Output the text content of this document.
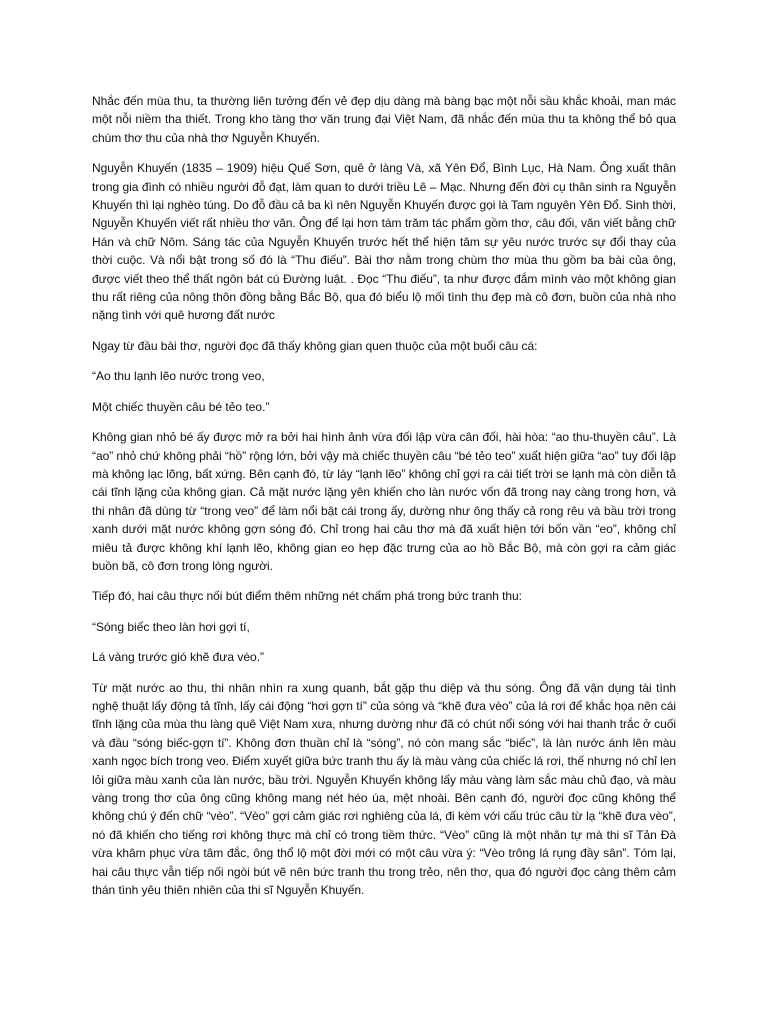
Nhắc đến mùa thu, ta thường liên tưởng đến vẻ đẹp dịu dàng mà bàng bạc một nỗi sầu khắc khoải, man mác một nỗi niềm tha thiết. Trong kho tàng thơ văn trung đại Việt Nam, đã nhắc đến mùa thu ta không thể bỏ qua chùm thơ thu của nhà thơ Nguyễn Khuyến.

Nguyễn Khuyến (1835 – 1909) hiệu Quế Sơn, quê ở làng Và, xã Yên Đổ, Bình Lục, Hà Nam. Ông xuất thân trong gia đình có nhiều người đỗ đạt, làm quan to dưới triều Lê – Mạc. Nhưng đến đời cụ thân sinh ra Nguyễn Khuyến thì lại nghèo túng. Do đỗ đầu cả ba kì nên Nguyễn Khuyến được gọi là Tam nguyên Yên Đổ. Sinh thời, Nguyễn Khuyến viết rất nhiều thơ văn. Ông để lại hơn tám trăm tác phẩm gồm thơ, câu đối, văn viết bằng chữ Hán và chữ Nôm. Sáng tác của Nguyễn Khuyến trước hết thể hiện tâm sự yêu nước trước sự đổi thay của thời cuộc. Và nổi bật trong số đó là “Thu điếu”. Bài thơ nằm trong chùm thơ mùa thu gồm ba bài của ông, được viết theo thể thất ngôn bát cú Đường luật. . Đọc “Thu điếu”, ta như được đắm mình vào một không gian thu rất riêng của nông thôn đồng bằng Bắc Bộ, qua đó biểu lộ mối tình thu đẹp mà cô đơn, buồn của nhà nho nặng tình với quê hương đất nước

Ngay từ đầu bài thơ, người đọc đã thấy không gian quen thuộc của một buổi câu cá:

“Ao thu lạnh lẽo nước trong veo,

Một chiếc thuyền câu bé tẻo teo.”

Không gian nhỏ bé ấy được mở ra bởi hai hình ảnh vừa đối lập vừa cân đối, hài hòa: “ao thu-thuyền câu”. Là “ao” nhỏ chứ không phải “hồ” rộng lớn, bởi vậy mà chiếc thuyền câu “bé tẻo teo” xuất hiện giữa “ao” tuy đối lập mà không lạc lõng, bất xứng. Bên cạnh đó, từ láy “lạnh lẽo” không chỉ gợi ra cái tiết trời se lạnh mà còn diễn tả cái tĩnh lặng của không gian. Cả mặt nước lặng yên khiến cho làn nước vốn đã trong nay càng trong hơn, và thi nhân đã dùng từ “trong veo” để làm nổi bật cái trong ấy, dường như ông thấy cả rong rêu và bầu trời trong xanh dưới mặt nước không gợn sóng đó. Chỉ trong hai câu thơ mà đã xuất hiện tới bốn vần “eo”, không chỉ miêu tả được không khí lạnh lẽo, không gian eo hẹp đặc trưng của ao hồ Bắc Bộ, mà còn gợi ra cảm giác buồn bã, cô đơn trong lòng người.

Tiếp đó, hai câu thực nối bút điểm thêm những nét chấm phá trong bức tranh thu:

“Sóng biếc theo làn hơi gợi tí,

Lá vàng trước gió khẽ đưa vèo.”

Từ mặt nước ao thu, thi nhân nhìn ra xung quanh, bắt gặp thu diệp và thu sóng. Ông đã vận dụng tài tình nghệ thuật lấy động tả tĩnh, lấy cái động “hơi gợn tí” của sóng và “khẽ đưa vèo” của lá rơi để khắc họa nên cái tĩnh lặng của mùa thu làng quê Việt Nam xưa, nhưng dường như đã có chút nổi sóng với hai thanh trắc ở cuối và đầu “sóng biếc-gợn tí”. Không đơn thuần chỉ là “sóng”, nó còn mang sắc “biếc”, là làn nước ánh lên màu xanh ngọc bích trong veo. Điểm xuyết giữa bức tranh thu ấy là màu vàng của chiếc lá rơi, thế nhưng nó chỉ len lỏi giữa màu xanh của làn nước, bầu trời. Nguyễn Khuyến không lấy màu vàng làm sắc màu chủ đạo, và màu vàng trong thơ của ông cũng không mang nét héo úa, mệt nhoài. Bên cạnh đó, người đọc cũng không thể không chú ý đến chữ “vèo”. “Vèo” gợi cảm giác rơi nghiêng của lá, đi kèm với cấu trúc câu từ lạ “khẽ đưa vèo”, nó đã khiến cho tiếng rơi không thực mà chỉ có trong tiềm thức. “Vèo” cũng là một nhân tự mà thi sĩ Tản Đà vừa khâm phục vừa tâm đắc, ông thổ lộ một đời mới có một câu vừa ý: “Vèo trông lá rụng đầy sân”. Tóm lại, hai câu thực vẫn tiếp nối ngòi bút vẽ nên bức tranh thu trong trẻo, nên thơ, qua đó người đọc càng thêm cảm thán tình yêu thiên nhiên của thi sĩ Nguyễn Khuyến.
